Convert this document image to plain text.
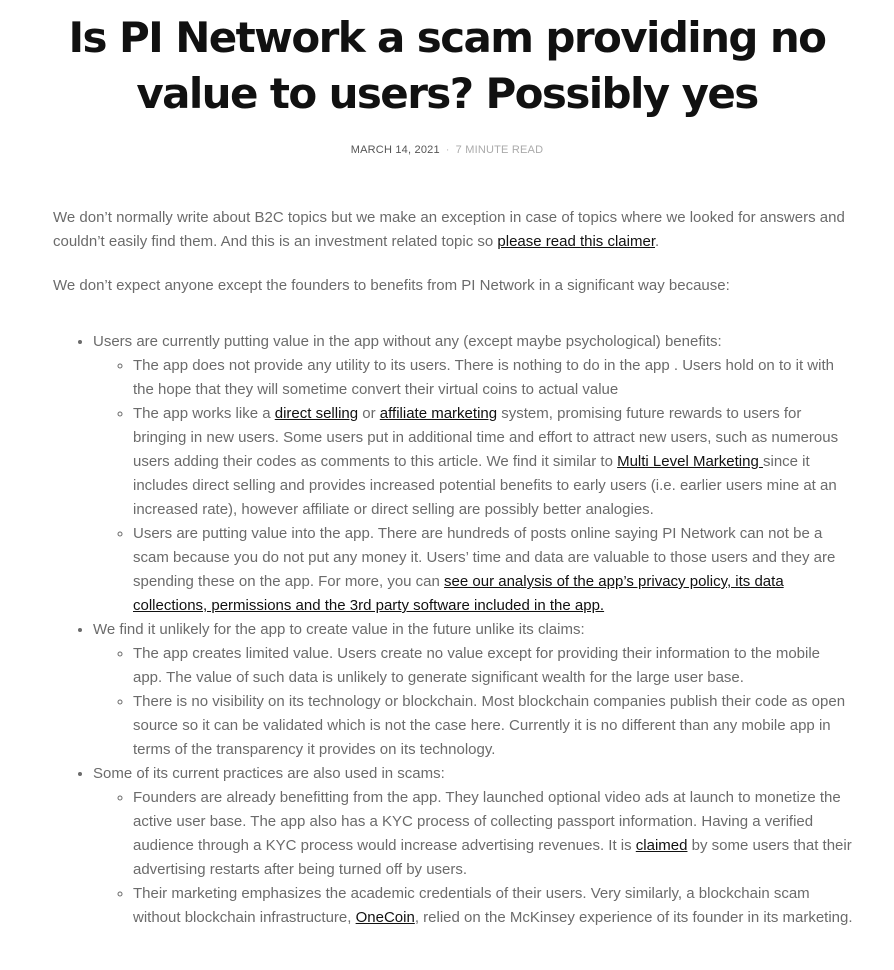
Is PI Network a scam providing no value to users? Possibly yes
MARCH 14, 2021 · 7 MINUTE READ

We don’t normally write about B2C topics but we make an exception in case of topics where we looked for answers and couldn’t easily find them. And this is an investment related topic so please read this claimer.

We don’t expect anyone except the founders to benefits from PI Network in a significant way because:

• Users are currently putting value in the app without any (except maybe psychological) benefits:
◦ The app does not provide any utility to its users. There is nothing to do in the app . Users hold on to it with the hope that they will sometime convert their virtual coins to actual value
◦ The app works like a direct selling or affiliate marketing system, promising future rewards to users for bringing in new users. Some users put in additional time and effort to attract new users, such as numerous users adding their codes as comments to this article. We find it similar to Multi Level Marketing since it includes direct selling and provides increased potential benefits to early users (i.e. earlier users mine at an increased rate), however affiliate or direct selling are possibly better analogies.
◦ Users are putting value into the app. There are hundreds of posts online saying PI Network can not be a scam because you do not put any money it. Users’ time and data are valuable to those users and they are spending these on the app. For more, you can see our analysis of the app’s privacy policy, its data collections, permissions and the 3rd party software included in the app.
• We find it unlikely for the app to create value in the future unlike its claims:
◦ The app creates limited value. Users create no value except for providing their information to the mobile app. The value of such data is unlikely to generate significant wealth for the large user base.
◦ There is no visibility on its technology or blockchain. Most blockchain companies publish their code as open source so it can be validated which is not the case here. Currently it is no different than any mobile app in terms of the transparency it provides on its technology.
• Some of its current practices are also used in scams:
◦ Founders are already benefitting from the app. They launched optional video ads at launch to monetize the active user base. The app also has a KYC process of collecting passport information. Having a verified audience through a KYC process would increase advertising revenues. It is claimed by some users that their advertising restarts after being turned off by users.
◦ Their marketing emphasizes the academic credentials of their users. Very similarly, a blockchain scam without blockchain infrastructure, OneCoin, relied on the McKinsey experience of its founder in its marketing.
